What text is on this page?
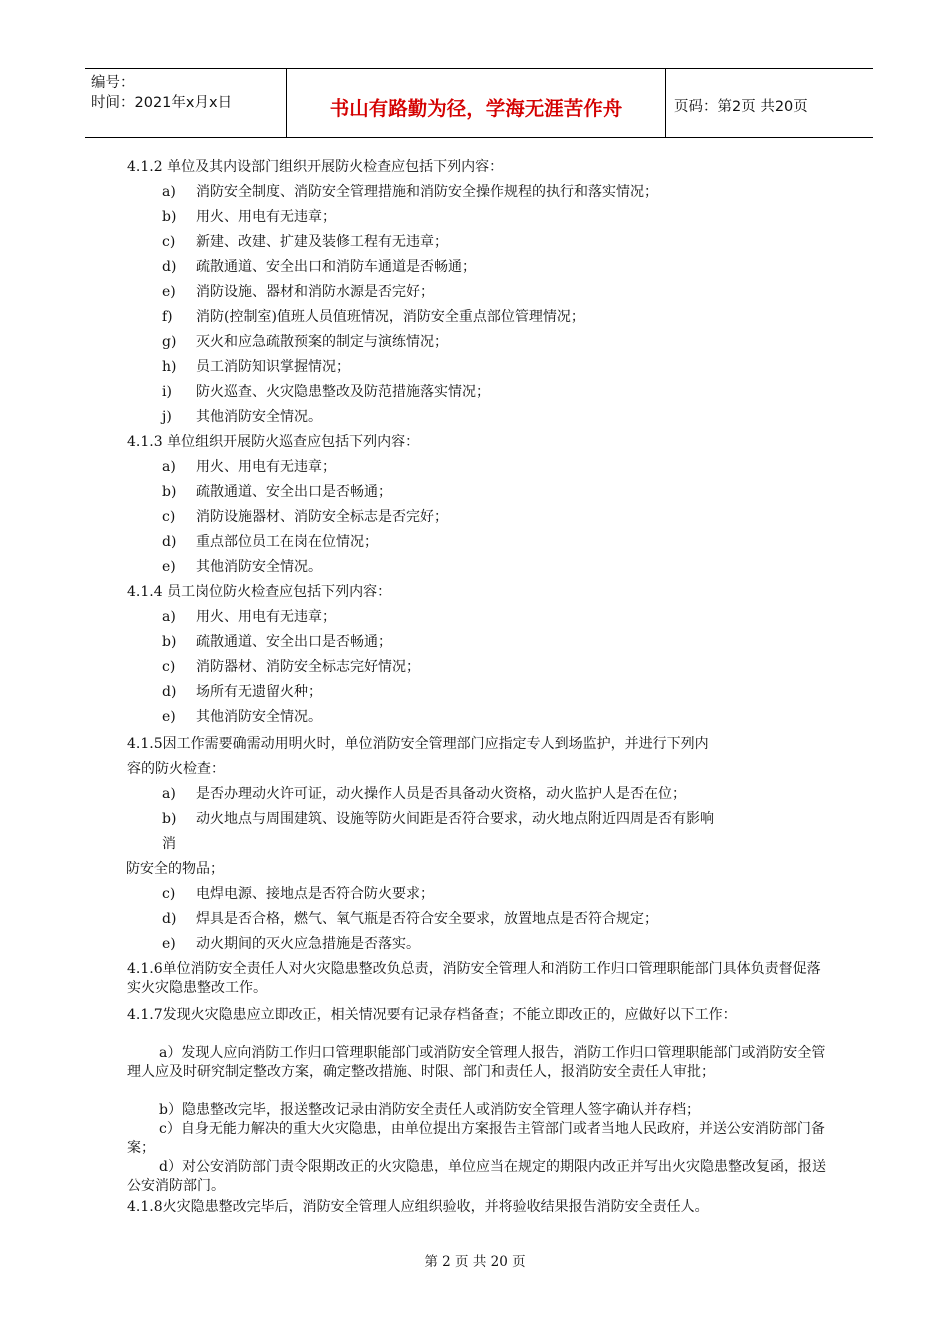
编号：
时间：2021年x月x日	书山有路勤为径，学海无涯苦作舟	页码：第2页 共20页
4.1.2 单位及其内设部门组织开展防火检查应包括下列内容：
a) 消防安全制度、消防安全管理措施和消防安全操作规程的执行和落实情况；
b) 用火、用电有无违章；
c) 新建、改建、扩建及装修工程有无违章；
d) 疏散通道、安全出口和消防车通道是否畅通；
e) 消防设施、器材和消防水源是否完好；
f) 消防(控制室)值班人员值班情况，消防安全重点部位管理情况；
g) 灭火和应急疏散预案的制定与演练情况；
h) 员工消防知识掌握情况；
i) 防火巡查、火灾隐患整改及防范措施落实情况；
j) 其他消防安全情况。
4.1.3 单位组织开展防火巡查应包括下列内容：
a) 用火、用电有无违章；
b) 疏散通道、安全出口是否畅通；
c) 消防设施器材、消防安全标志是否完好；
d) 重点部位员工在岗在位情况；
e) 其他消防安全情况。
4.1.4 员工岗位防火检查应包括下列内容：
a) 用火、用电有无违章；
b) 疏散通道、安全出口是否畅通；
c) 消防器材、消防安全标志完好情况；
d) 场所有无遗留火种；
e) 其他消防安全情况。
4.1.5因工作需要确需动用明火时，单位消防安全管理部门应指定专人到场监护，并进行下列内
容的防火检查：
a) 是否办理动火许可证，动火操作人员是否具备动火资格，动火监护人是否在位；
b) 动火地点与周围建筑、设施等防火间距是否符合要求，动火地点附近四周是否有影响
消
防安全的物品；
c) 电焊电源、接地点是否符合防火要求；
d) 焊具是否合格，燃气、氧气瓶是否符合安全要求，放置地点是否符合规定；
e) 动火期间的灭火应急措施是否落实。
4.1.6单位消防安全责任人对火灾隐患整改负总责，消防安全管理人和消防工作归口管理职能部门具体负责督促落实火灾隐患整改工作。
4.1.7发现火灾隐患应立即改正，相关情况要有记录存档备查；不能立即改正的，应做好以下工作：
a）发现人应向消防工作归口管理职能部门或消防安全管理人报告，消防工作归口管理职能部门或消防安全管理人应及时研究制定整改方案，确定整改措施、时限、部门和责任人，报消防安全责任人审批；
b）隐患整改完毕，报送整改记录由消防安全责任人或消防安全管理人签字确认并存档；
c）自身无能力解决的重大火灾隐患，由单位提出方案报告主管部门或者当地人民政府，并送公安消防部门备案；
d）对公安消防部门责令限期改正的火灾隐患，单位应当在规定的期限内改正并写出火灾隐患整改复函，报送公安消防部门。
4.1.8火灾隐患整改完毕后，消防安全管理人应组织验收，并将验收结果报告消防安全责任人。
第 2 页 共 20 页
